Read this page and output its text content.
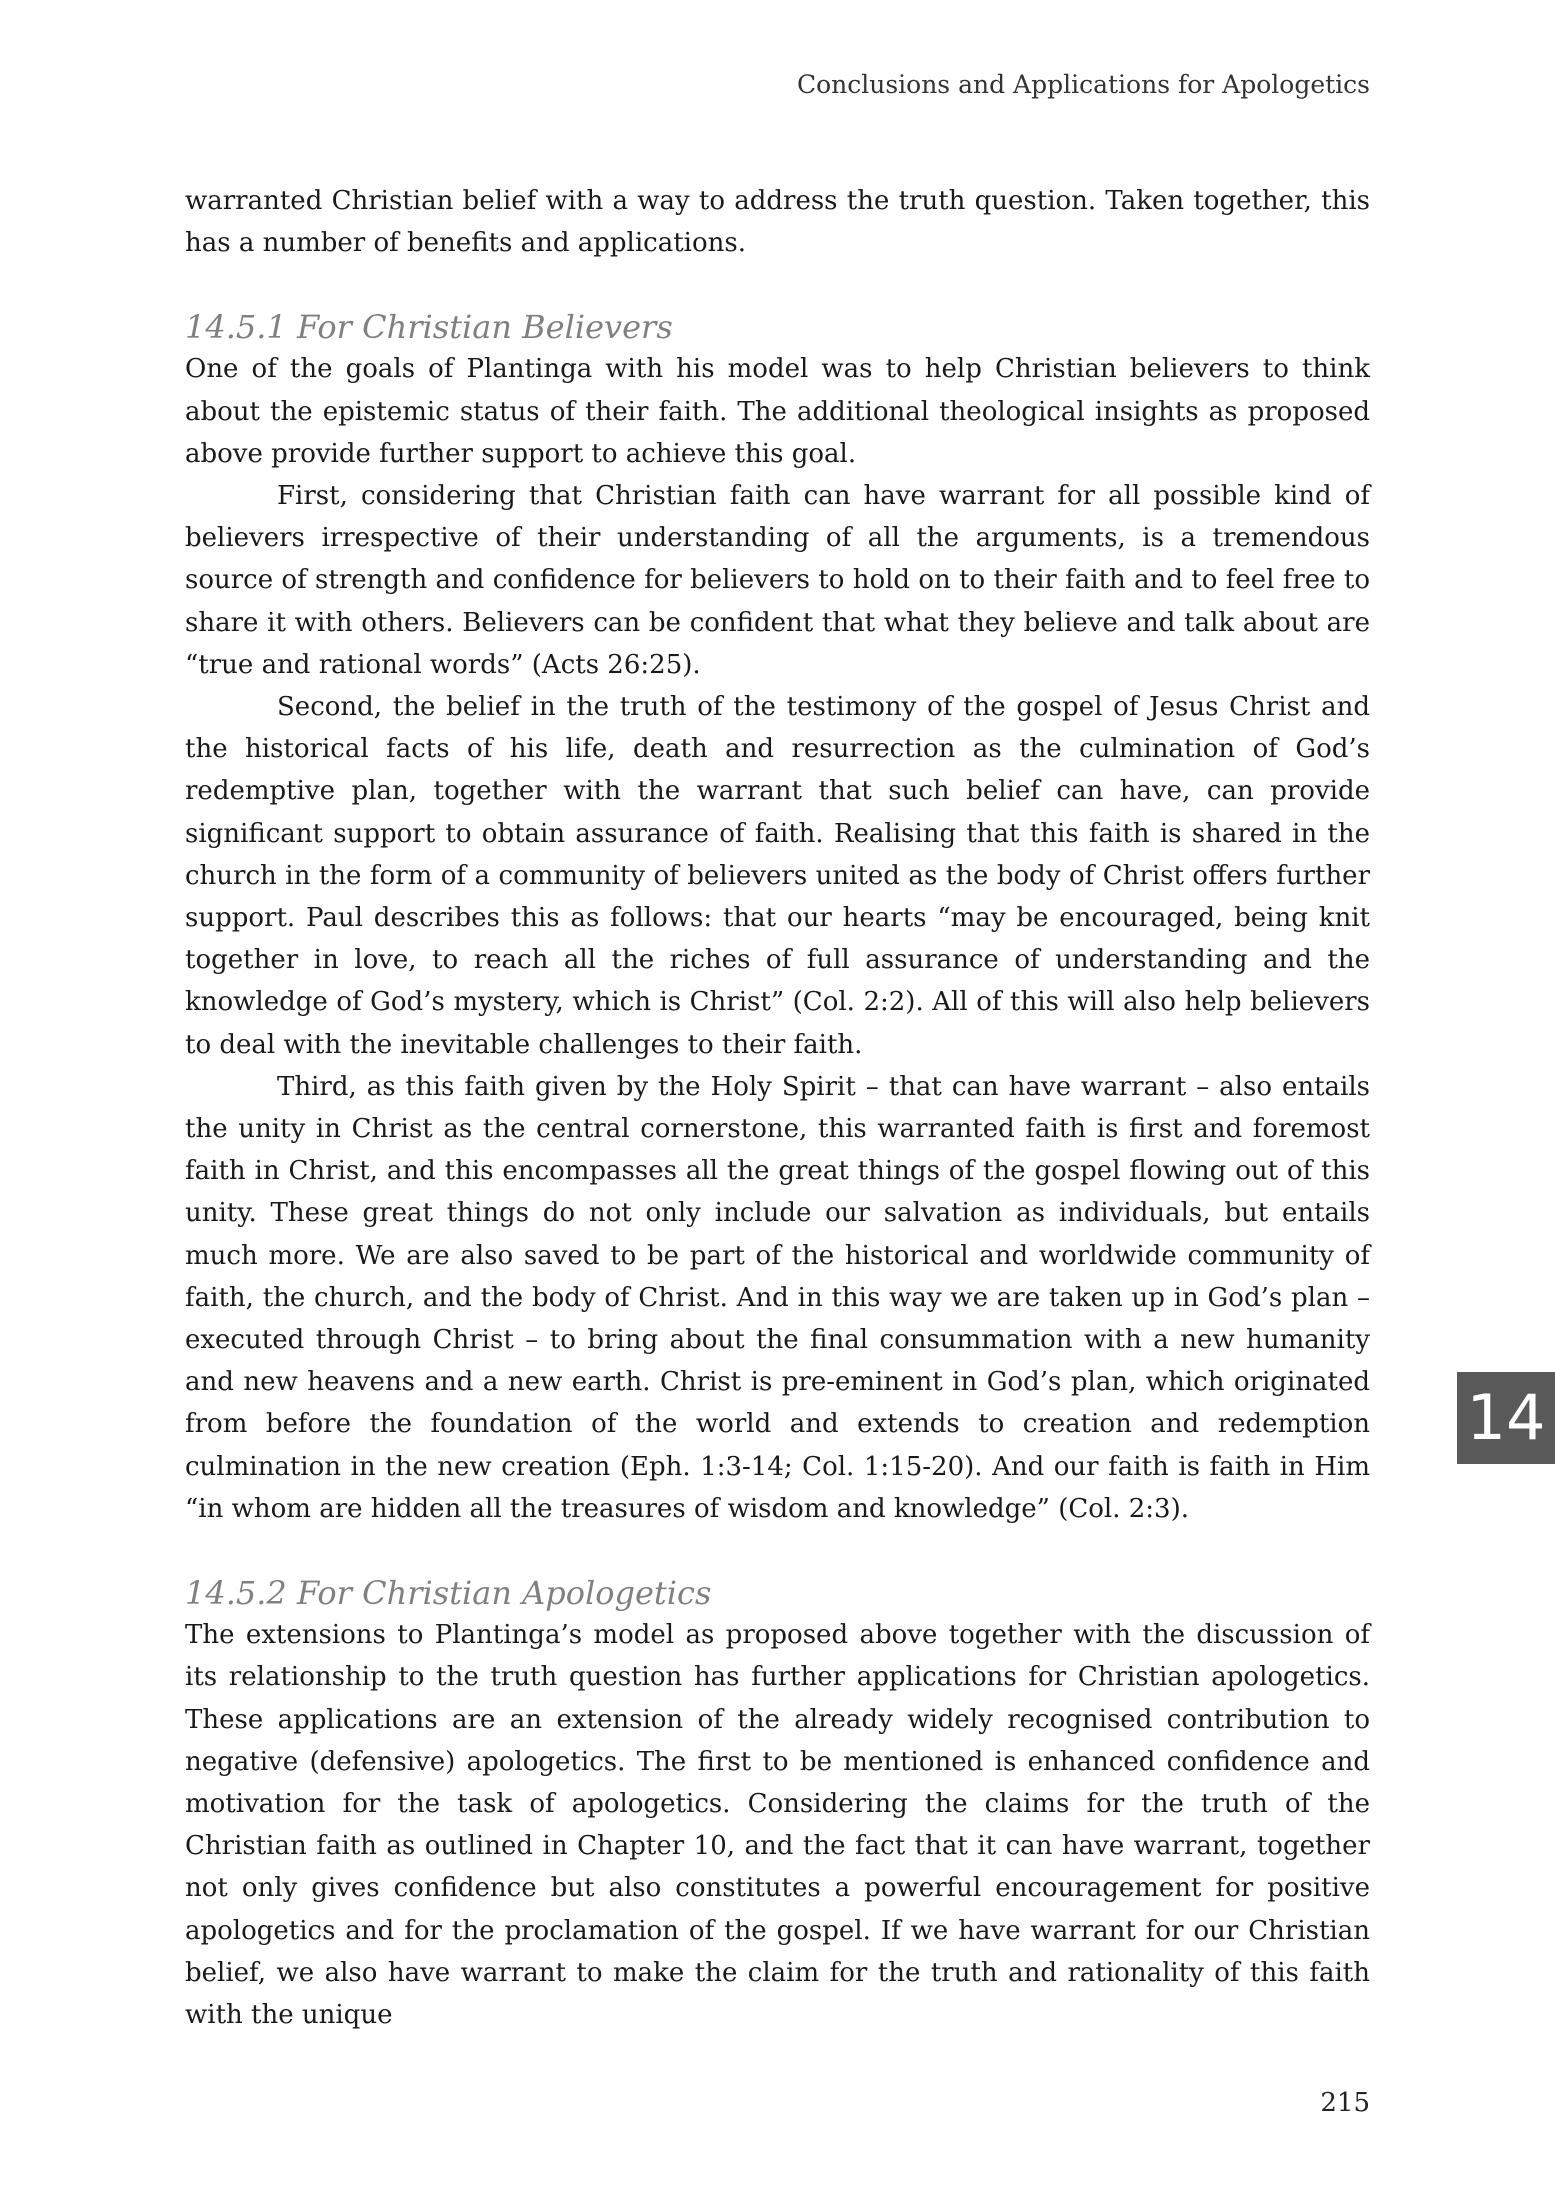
Conclusions and Applications for Apologetics

warranted Christian belief with a way to address the truth question. Taken together, this has a number of benefits and applications.

14.5.1 For Christian Believers

One of the goals of Plantinga with his model was to help Christian believers to think about the epistemic status of their faith. The additional theological insights as proposed above provide further support to achieve this goal.

First, considering that Christian faith can have warrant for all possible kind of believers irrespective of their understanding of all the arguments, is a tremendous source of strength and confidence for believers to hold on to their faith and to feel free to share it with others. Believers can be confident that what they believe and talk about are “true and rational words” (Acts 26:25).

Second, the belief in the truth of the testimony of the gospel of Jesus Christ and the historical facts of his life, death and resurrection as the culmination of God’s redemptive plan, together with the warrant that such belief can have, can provide significant support to obtain assurance of faith. Realising that this faith is shared in the church in the form of a community of believers united as the body of Christ offers further support. Paul describes this as follows: that our hearts “may be encouraged, being knit together in love, to reach all the riches of full assurance of understanding and the knowledge of God’s mystery, which is Christ” (Col. 2:2). All of this will also help believers to deal with the inevitable challenges to their faith.

Third, as this faith given by the Holy Spirit – that can have warrant – also entails the unity in Christ as the central cornerstone, this warranted faith is first and foremost faith in Christ, and this encompasses all the great things of the gospel flowing out of this unity. These great things do not only include our salvation as individuals, but entails much more. We are also saved to be part of the historical and worldwide community of faith, the church, and the body of Christ. And in this way we are taken up in God’s plan – executed through Christ – to bring about the final consummation with a new humanity and new heavens and a new earth. Christ is pre-eminent in God’s plan, which originated from before the foundation of the world and extends to creation and redemption culmination in the new creation (Eph. 1:3-14; Col. 1:15-20). And our faith is faith in Him “in whom are hidden all the treasures of wisdom and knowledge” (Col. 2:3).

14.5.2 For Christian Apologetics

The extensions to Plantinga’s model as proposed above together with the discussion of its relationship to the truth question has further applications for Christian apologetics. These applications are an extension of the already widely recognised contribution to negative (defensive) apologetics. The first to be mentioned is enhanced confidence and motivation for the task of apologetics. Considering the claims for the truth of the Christian faith as outlined in Chapter 10, and the fact that it can have warrant, together not only gives confidence but also constitutes a powerful encouragement for positive apologetics and for the proclamation of the gospel. If we have warrant for our Christian belief, we also have warrant to make the claim for the truth and rationality of this faith with the unique

14
215
